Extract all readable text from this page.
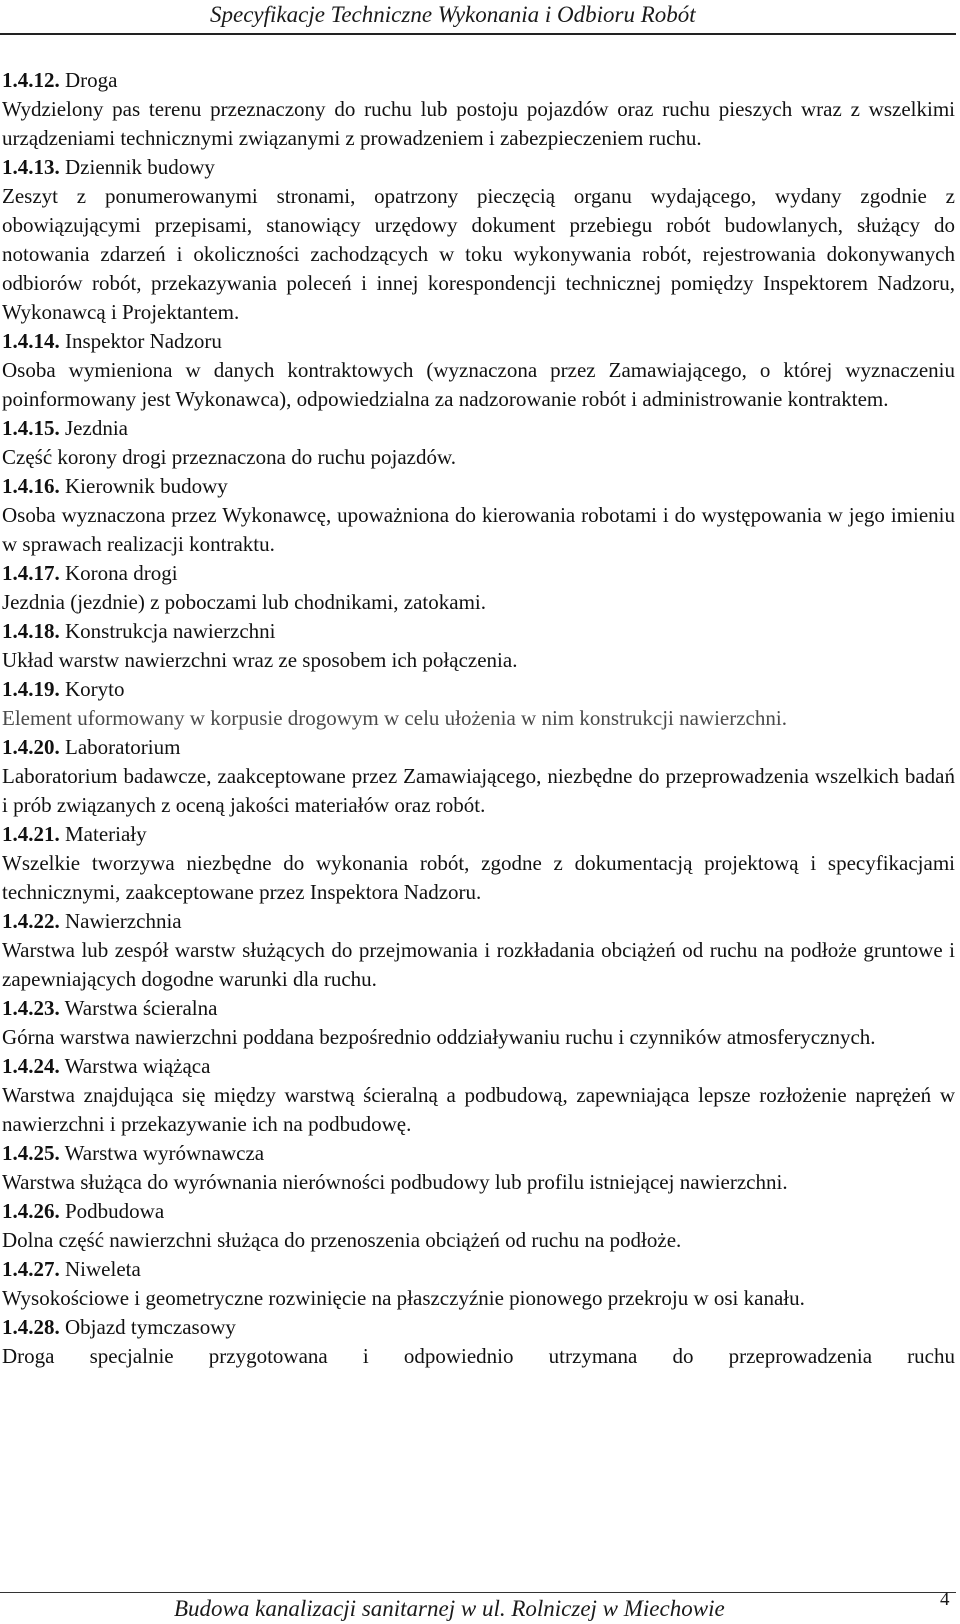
Specyfikacje Techniczne Wykonania i Odbioru Robót

1.4.12. Droga

Wydzielony pas terenu przeznaczony do ruchu lub postoju pojazdów oraz ruchu pieszych wraz z wszelkimi urządzeniami technicznymi związanymi z prowadzeniem i zabezpieczeniem ruchu.

1.4.13. Dziennik budowy

Zeszyt z ponumerowanymi stronami, opatrzony pieczęcią organu wydającego, wydany zgodnie z obowiązującymi przepisami, stanowiący urzędowy dokument przebiegu robót budowlanych, służący do notowania zdarzeń i okoliczności zachodzących w toku wykonywania robót, rejestrowania dokonywanych odbiorów robót, przekazywania poleceń i innej korespondencji technicznej pomiędzy Inspektorem Nadzoru, Wykonawcą i Projektantem.

1.4.14. Inspektor Nadzoru

Osoba wymieniona w danych kontraktowych (wyznaczona przez Zamawiającego, o której wyznaczeniu poinformowany jest Wykonawca), odpowiedzialna za nadzorowanie robót i administrowanie kontraktem.

1.4.15. Jezdnia

Część korony drogi przeznaczona do ruchu pojazdów.

1.4.16. Kierownik budowy

Osoba wyznaczona przez Wykonawcę, upoważniona do kierowania robotami i do występowania w jego imieniu w sprawach realizacji kontraktu.

1.4.17. Korona drogi

Jezdnia (jezdnie) z poboczami lub chodnikami, zatokami.

1.4.18. Konstrukcja nawierzchni

Układ warstw nawierzchni wraz ze sposobem ich połączenia.

1.4.19. Koryto

Element uformowany w korpusie drogowym w celu ułożenia w nim konstrukcji nawierzchni.

1.4.20. Laboratorium

Laboratorium badawcze, zaakceptowane przez Zamawiającego, niezbędne do przeprowadzenia wszelkich badań i prób związanych z oceną jakości materiałów oraz robót.

1.4.21. Materiały

Wszelkie tworzywa niezbędne do wykonania robót, zgodne z dokumentacją projektową i specyfikacjami technicznymi, zaakceptowane przez Inspektora Nadzoru.

1.4.22. Nawierzchnia

Warstwa lub zespół warstw służących do przejmowania i rozkładania obciążeń od ruchu na podłoże gruntowe i zapewniających dogodne warunki dla ruchu.

1.4.23. Warstwa ścieralna

Górna warstwa nawierzchni poddana bezpośrednio oddziaływaniu ruchu i czynników atmosferycznych.

1.4.24. Warstwa wiążąca

Warstwa znajdująca się między warstwą ścieralną a podbudową, zapewniająca lepsze rozłożenie naprężeń w nawierzchni i przekazywanie ich na podbudowę.

1.4.25. Warstwa wyrównawcza

Warstwa służąca do wyrównania nierówności podbudowy lub profilu istniejącej nawierzchni.

1.4.26. Podbudowa

Dolna część nawierzchni służąca do przenoszenia obciążeń od ruchu na podłoże.

1.4.27. Niweleta

Wysokościowe i geometryczne rozwinięcie na płaszczyźnie pionowego przekroju w osi kanału.

1.4.28. Objazd tymczasowy

Droga specjalnie przygotowana i odpowiednio utrzymana do przeprowadzenia ruchu

Budowa kanalizacji sanitarnej w ul. Rolniczej w Miechowie	4
